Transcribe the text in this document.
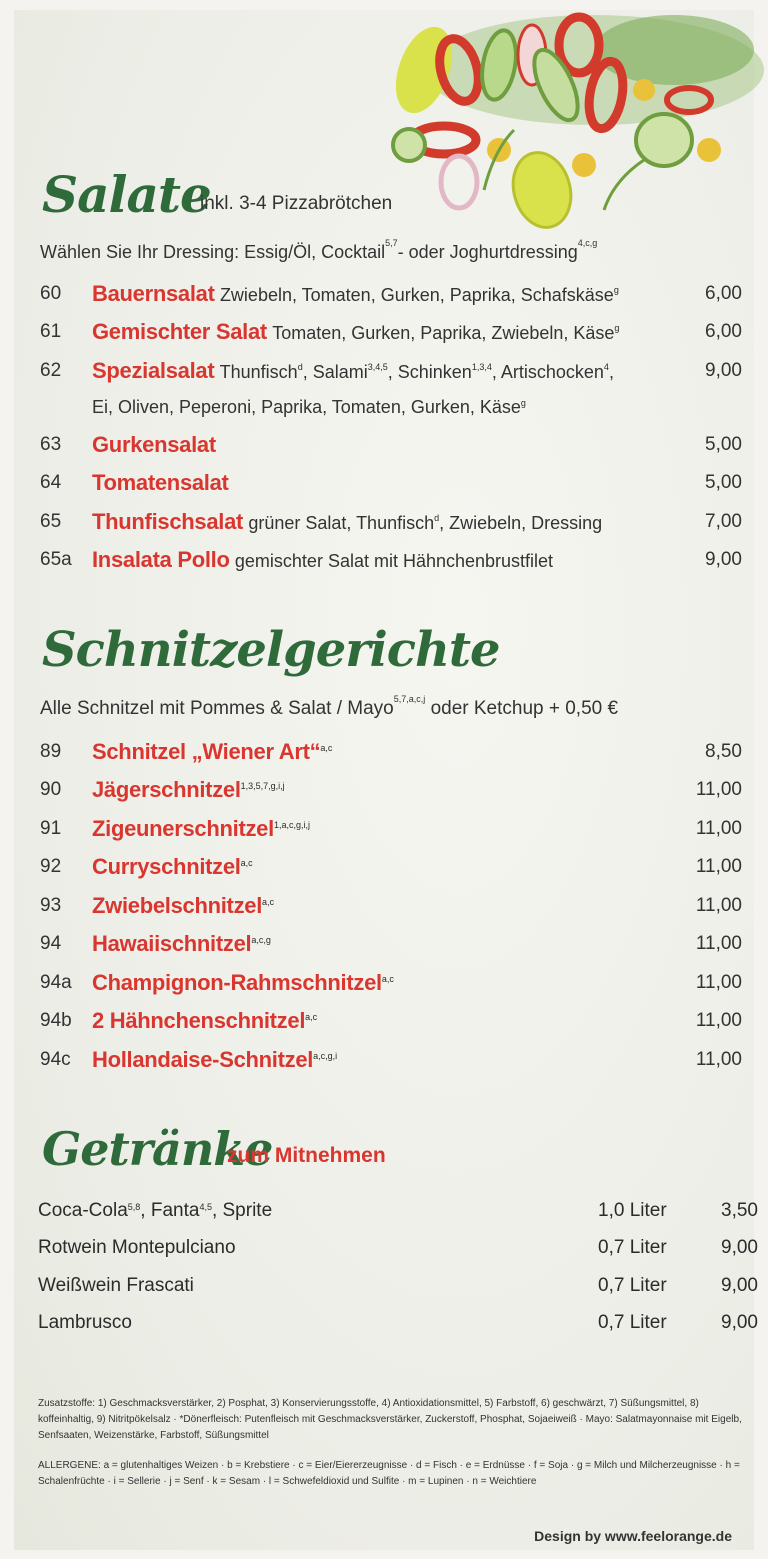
Salate
inkl. 3-4 Pizzabrötchen
Wählen Sie Ihr Dressing: Essig/Öl, Cocktail$^{5,7}$- oder Joghurtdressing$^{4,c,g}$
60	Bauernsalat Zwiebeln, Tomaten, Gurken, Paprika, Schafskäse$^g$	6,00
61	Gemischter Salat Tomaten, Gurken, Paprika, Zwiebeln, Käse$^g$	6,00
62	Spezialsalat Thunfisch$^d$, Salami$^{3,4,5}$, Schinken$^{1,3,4}$, Artischocken$^4$,	9,00
Ei, Oliven, Peperoni, Paprika, Tomaten, Gurken, Käse$^g$
63	Gurkensalat	5,00
64	Tomatensalat	5,00
65	Thunfischsalat grüner Salat, Thunfisch$^d$, Zwiebeln, Dressing	7,00
65a Insalata Pollo gemischter Salat mit Hähnchenbrustfilet	9,00
Schnitzelgerichte
Alle Schnitzel mit Pommes & Salat / Mayo$^{5,7,a,c,j}$ oder Ketchup + 0,50 €
89	Schnitzel „Wiener Art“$^{a,c}$	8,50
90	Jägerschnitzel$^{1,3,5,7,g,i,j}$	11,00
91	Zigeunerschnitzel$^{1,a,c,g,i,j}$	11,00
92	Curryschnitzel$^{a,c}$	11,00
93	Zwiebelschnitzel$^{a,c}$	11,00
94	Hawaiischnitzel$^{a,c,g}$	11,00
94a Champignon-Rahmschnitzel$^{a,c}$	11,00
94b 2 Hähnchenschnitzel$^{a,c}$	11,00
94c Hollandaise-Schnitzel$^{a,c,g,i}$	11,00
Getränke
zum Mitnehmen
Coca-Cola$^{5,8}$, Fanta$^{4,5}$, Sprite	1,0 Liter	3,50
Rotwein Montepulciano	0,7 Liter	9,00
Weißwein Frascati	0,7 Liter	9,00
Lambrusco	0,7 Liter	9,00
Zusatzstoffe: 1) Geschmacksverstärker, 2) Posphat, 3) Konservierungsstoffe, 4) Antioxidationsmittel, 5) Farbstoff, 6) geschwärzt, 7) Süßungsmittel, 8) koffeinhaltig, 9) Nitritpökelsalz · *Dönerfleisch: Putenfleisch mit Geschmacksverstärker, Zuckerstoff, Phosphat, Sojaeiweiß · Mayo: Salatmayonnaise mit Eigelb, Senfsaaten, Weizenstärke, Farbstoff, Süßungsmittel
ALLERGENE: a = glutenhaltiges Weizen · b = Krebstiere · c = Eier/Eiererzeugnisse · d = Fisch · e = Erdnüsse · f = Soja · g = Milch und Milcherzeugnisse · h = Schalenfrüchte · i = Sellerie · j = Senf · k = Sesam · l = Schwefeldioxid und Sulfite · m = Lupinen · n = Weichtiere
Design by www.feelorange.de
